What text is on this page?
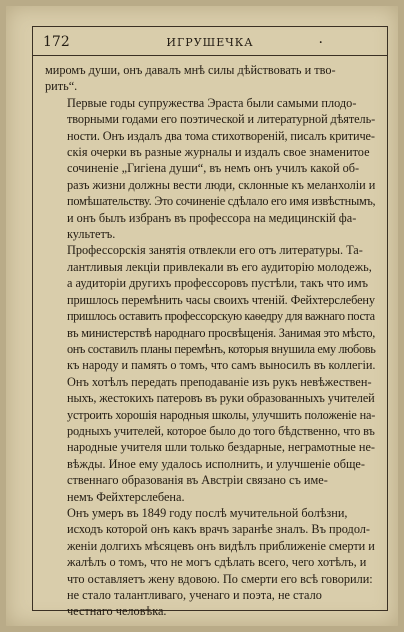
172	ИГРУШЕЧКА	.

миромъ души, онъ давалъ мнѣ силы дѣйствовать и тво-
рить“.

Первые годы супружества Эраста были самыми плодо-
творными годами его поэтической и литературной дѣятель-
ности. Онъ издалъ два тома стихотвореній, писалъ критиче-
скія очерки въ разные журналы и издалъ свое знаменитое
сочиненіе „Гигіена души“, въ немъ онъ училъ какой об-
разъ жизни должны вести люди, склонные къ меланхоліи и
помѣшательству. Это сочиненіе сдѣлало его имя извѣстнымъ,
и онъ былъ избранъ въ профессора на медицинскій фа-
культетъ.

Профессорскія занятія отвлекли его отъ литературы. Та-
лантливыя лекціи привлекали въ его аудиторію молодежь,
а аудиторіи другихъ профессоровъ пустѣли, такъ что имъ
пришлось перемѣнить часы своихъ чтеній. Фейхтерслебену
пришлось оставить профессорскую каѳедру для важнаго поста
въ министерствѣ народнаго просвѣщенія. Занимая это мѣсто,
онъ составилъ планы перемѣнъ, которыя внушила ему любовь
къ народу и память о томъ, что самъ выносилъ въ коллегіи.
Онъ хотѣлъ передать преподаваніе изъ рукъ невѣжествен-
ныхъ, жестокихъ патеровъ въ руки образованныхъ учителей
устроить хорошія народныя школы, улучшить положеніе на-
родныхъ учителей, которое было до того бѣдственно, что въ
народные учителя шли только бездарные, неграмотные не-
вѣжды. Иное ему удалось исполнить, и улучшеніе обще-
ственнаго образованія въ Австріи связано съ име-
немъ Фейхтерслебена.

Онъ умеръ въ 1849 году послѣ мучительной болѣзни,
исходъ которой онъ какъ врачъ заранѣе зналъ. Въ продол-
женіи долгихъ мѣсяцевъ онъ видѣлъ приближеніе смерти и
жалѣлъ о томъ, что не могъ сдѣлать всего, чего хотѣлъ, и
что оставляетъ жену вдовою. По смерти его всѣ говорили:
не стало талантливаго, ученаго и поэта, не стало
честнаго человѣка.
